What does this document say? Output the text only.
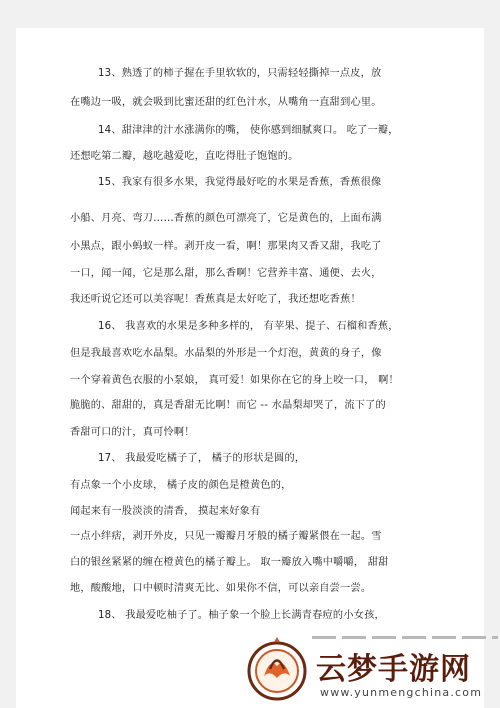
13、熟透了的柿子握在手里软软的，只需轻轻撕掉一点皮，放
在嘴边一吸，就会吸到比蜜还甜的红色汁水，从嘴角一直甜到心里。
14、甜津津的汁水涨满你的嘴， 使你感到细腻爽口。 吃了一瓣，
还想吃第二瓣，越吃越爱吃，直吃得肚子饱饱的。
15、我家有很多水果，我觉得最好吃的水果是香蕉，香蕉很像
小船、月亮、弯刀……香蕉的颜色可漂亮了，它是黄色的，上面布满
小黑点，跟小蚂蚁一样。剥开皮一看，啊！那果肉又香又甜，我吃了
一口，闻一闻，它是那么甜，那么香啊！它营养丰富、通便、去火，
我还听说它还可以美容呢！香蕉真是太好吃了，我还想吃香蕉！
16、 我喜欢的水果是多种多样的， 有苹果、提子、石榴和香蕉，
但是我最喜欢吃水晶梨。水晶梨的外形是一个灯泡，黄黄的身子，像
一个穿着黄色衣服的小泵娘， 真可爱！如果你在它的身上咬一口， 啊！
脆脆的、甜甜的，真是香甜无比啊！而它 -- 水晶梨却哭了，流下了的
香甜可口的汁，真可怜啊！
17、 我最爱吃橘子了， 橘子的形状是圆的，
有点象一个小皮球， 橘子皮的颜色是橙黄色的，
闻起来有一股淡淡的清香， 摸起来好象有
一点小绊痞，剥开外皮，只见一瓣瓣月牙般的橘子瓣紧偎在一起。雪
白的银丝紧紧的缠在橙黄色的橘子瓣上。 取一瓣放入嘴中嚼嚼， 甜甜
地，酸酸地，口中顿时清爽无比、如果你不信，可以亲自尝一尝。
18、 我最爱吃柚子了。柚子象一个脸上长满青春痘的小女孩，
云梦手游网
www.yunmengchina.com
